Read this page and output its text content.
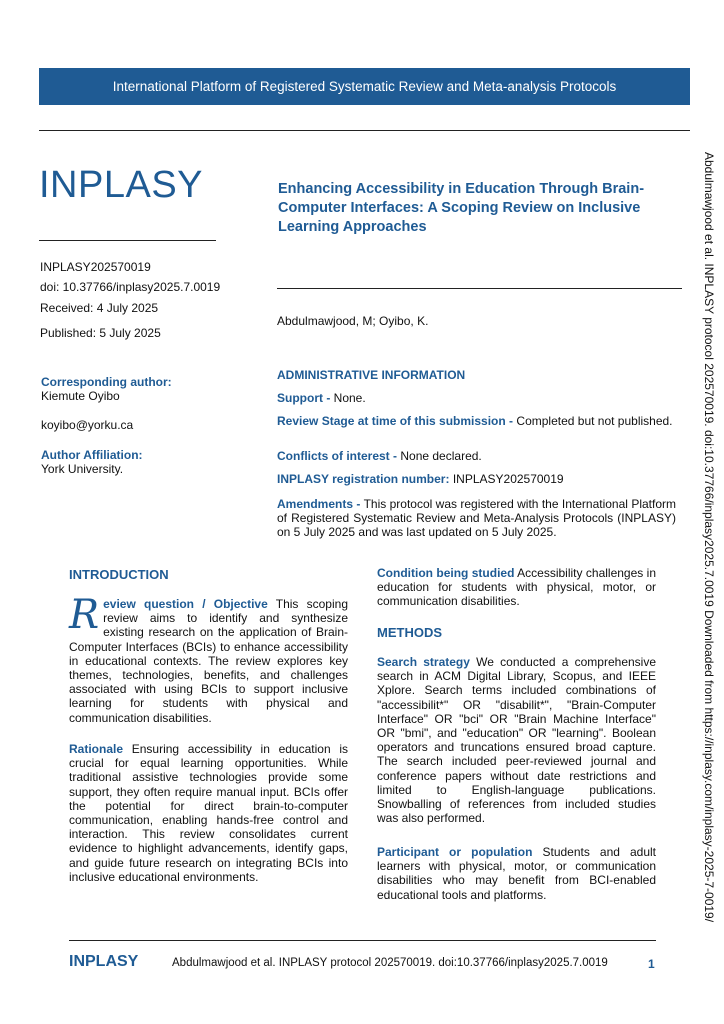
International Platform of Registered Systematic Review and Meta-analysis Protocols
INPLASY
INPLASY202570019
doi: 10.37766/inplasy2025.7.0019
Received: 4 July 2025
Published: 5 July 2025
Corresponding author:
Kiemute Oyibo
koyibo@yorku.ca
Author Affiliation:
York University.
Enhancing Accessibility in Education Through Brain-Computer Interfaces: A Scoping Review on Inclusive Learning Approaches
Abdulmawjood, M; Oyibo, K.
ADMINISTRATIVE INFORMATION
Support - None.
Review Stage at time of this submission - Completed but not published.
Conflicts of interest - None declared.
INPLASY registration number: INPLASY202570019
Amendments - This protocol was registered with the International Platform of Registered Systematic Review and Meta-Analysis Protocols (INPLASY) on 5 July 2025 and was last updated on 5 July 2025.
INTRODUCTION
Review question / Objective This scoping review aims to identify and synthesize existing research on the application of Brain-Computer Interfaces (BCIs) to enhance accessibility in educational contexts. The review explores key themes, technologies, benefits, and challenges associated with using BCIs to support inclusive learning for students with physical and communication disabilities.
Rationale Ensuring accessibility in education is crucial for equal learning opportunities. While traditional assistive technologies provide some support, they often require manual input. BCIs offer the potential for direct brain-to-computer communication, enabling hands-free control and interaction. This review consolidates current evidence to highlight advancements, identify gaps, and guide future research on integrating BCIs into inclusive educational environments.
Condition being studied Accessibility challenges in education for students with physical, motor, or communication disabilities.
METHODS
Search strategy We conducted a comprehensive search in ACM Digital Library, Scopus, and IEEE Xplore. Search terms included combinations of "accessibilit*" OR "disabilit*", "Brain-Computer Interface" OR "bci" OR "Brain Machine Interface" OR "bmi", and "education" OR "learning". Boolean operators and truncations ensured broad capture. The search included peer-reviewed journal and conference papers without date restrictions and limited to English-language publications. Snowballing of references from included studies was also performed.
Participant or population Students and adult learners with physical, motor, or communication disabilities who may benefit from BCI-enabled educational tools and platforms.	Abdulmawjood et al. INPLASY protocol 202570019. doi:10.37766/inplasy2025.7.0019 Downloaded from https://inplasy.com/inplasy-2025-7-0019/
INPLASY	Abdulmawjood et al. INPLASY protocol 202570019. doi:10.37766/inplasy2025.7.0019	1
